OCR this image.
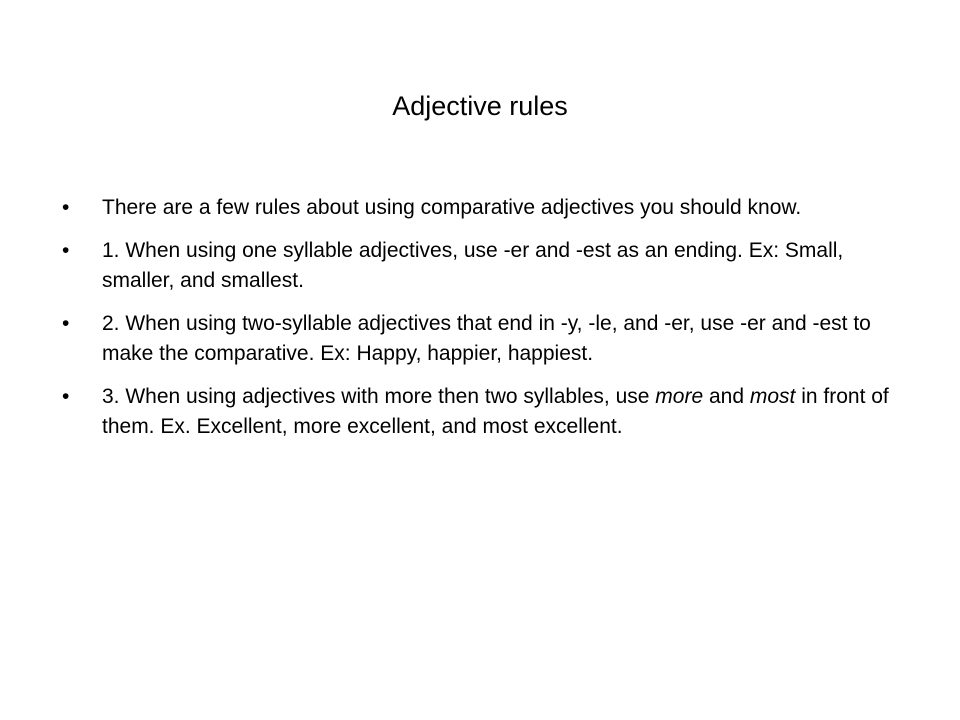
Adjective rules
•	There are a few rules about using comparative adjectives you should know.
•	1. When using one syllable adjectives, use -er and -est as an ending. Ex: Small, smaller, and smallest.
•	2. When using two-syllable adjectives that end in -y, -le, and -er, use -er and -est to make the comparative. Ex: Happy, happier, happiest.
•	3. When using adjectives with more then two syllables, use more and most in front of them. Ex. Excellent, more excellent, and most excellent.
